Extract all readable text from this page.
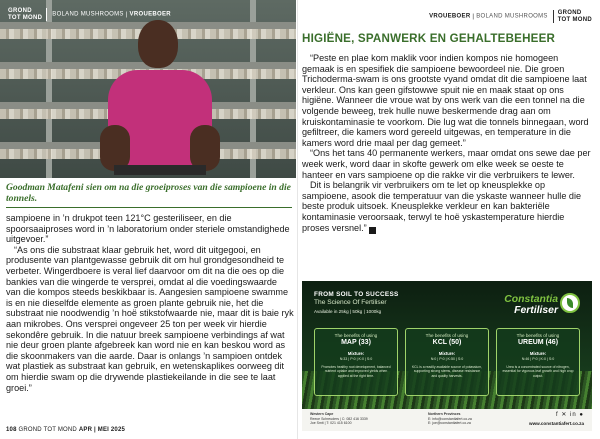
GROND
TOT MOND BOLAND MUSHROOMS | VROUEBOER
Goodman Matafeni sien om na die groeiproses van die sampioene in die tonnels.

sampioene in ’n drukpot teen 121°C gesteriliseer, en die spoorsaaiproses word in ’n laboratorium onder steriele omstandighede uitgevoer.”

“As ons die substraat klaar gebruik het, word dit uitgegooi, en produsente van plantgewasse gebruik dit om hul grondgesondheid te verbeter. Wingerdboere is veral lief daarvoor om dit na die oes op die bankies van die wingerde te versprei, omdat al die voedingswaarde van die kompos steeds beskikbaar is. Aangesien sampioene swamme is en nie dieselfde elemente as groen plante gebruik nie, het die substraat nie noodwendig ’n hoë stikstofwaarde nie, maar dit is baie ryk aan mikrobes. Ons versprei ongeveer 25 ton per week vir hierdie sekondêre gebruik. In die natuur breek sampioene verbindings af wat nie deur groen plante afgebreek kan word nie en kan beskou word as die skoonmakers van die aarde. Daar is onlangs ’n sampioen ontdek wat plastiek as substraat kan gebruik, en wetenskaplikes oorweeg dit om hierdie swam op die drywende plastiekeilande in die see te laat groei.”

108 GROND TOT MOND APR | MEI 2025
VROUEBOER | BOLAND MUSHROOMS GROND
TOT MOND
HIGIËNE, SPANWERK EN GEHALTEBEHEER

“Peste en plae kom maklik voor indien kompos nie homogeen gemaak is en spesifiek die sampioene bewoordeel nie. Die groen Trichoderma-swam is ons grootste vyand omdat dit die sampioene laat verkleur. Ons kan geen gifstowwe spuit nie en maak staat op ons higiëne. Wanneer die vroue wat by ons werk van die een tonnel na die volgende beweeg, trek hulle nuwe beskermende drag aan om kruiskontaminasie te voorkom. Die lug wat die tonnels binnegaan, word gefiltreer, die kamers word gereeld uitgewas, en temperature in die kamers word drie maal per dag gemeet.”

“Ons het tans 40 permanente werkers, maar omdat ons sewe dae per week werk, word daar in skofte gewerk om elke week se oeste te hanteer en vars sampioene op die rakke vir die verbruikers te lewer.

Dit is belangrik vir verbruikers om te let op kneusplekke op sampioene, asook die temperatuur van die yskaste wanneer hulle die beste produk uitsoek. Kneusplekke verkleur en kan bakteriële kontaminasie veroorsaak, terwyl te hoë yskastemperature hierdie proses versnel.” G

FROM SOIL TO SUCCESS
The Science Of Fertiliser
Available in 25kg | 50kg | 1000kg
Constantia
Fertiliser
The benefits of using
MAP (33)
Mixture:
N:33 | P:0 | K:0 | S:0
Promotes healthy root development, balanced nutrient uptake and improved yields when applied at the right time.
The benefits of using
KCL (50)
Mixture:
N:0 | P:0 | K:50 | S:0
KCL is a readily available source of potassium, supporting strong stems, disease resistance and quality harvests.
The benefits of using
UREUM (46)
Mixture:
N:46 | P:0 | K:0 | S:0
Urea is a concentrated source of nitrogen, essential for vigorous leaf growth and high crop output.
Western Cape
Reece Schreuders | C: 082 416 3339
Joe Smit | T: 021 415 6100
Northern Provinces
E: info@constantiafert.co.za
E: joe@constantiafert.co.za
f ✕ in ●
www.constantiafert.co.za
